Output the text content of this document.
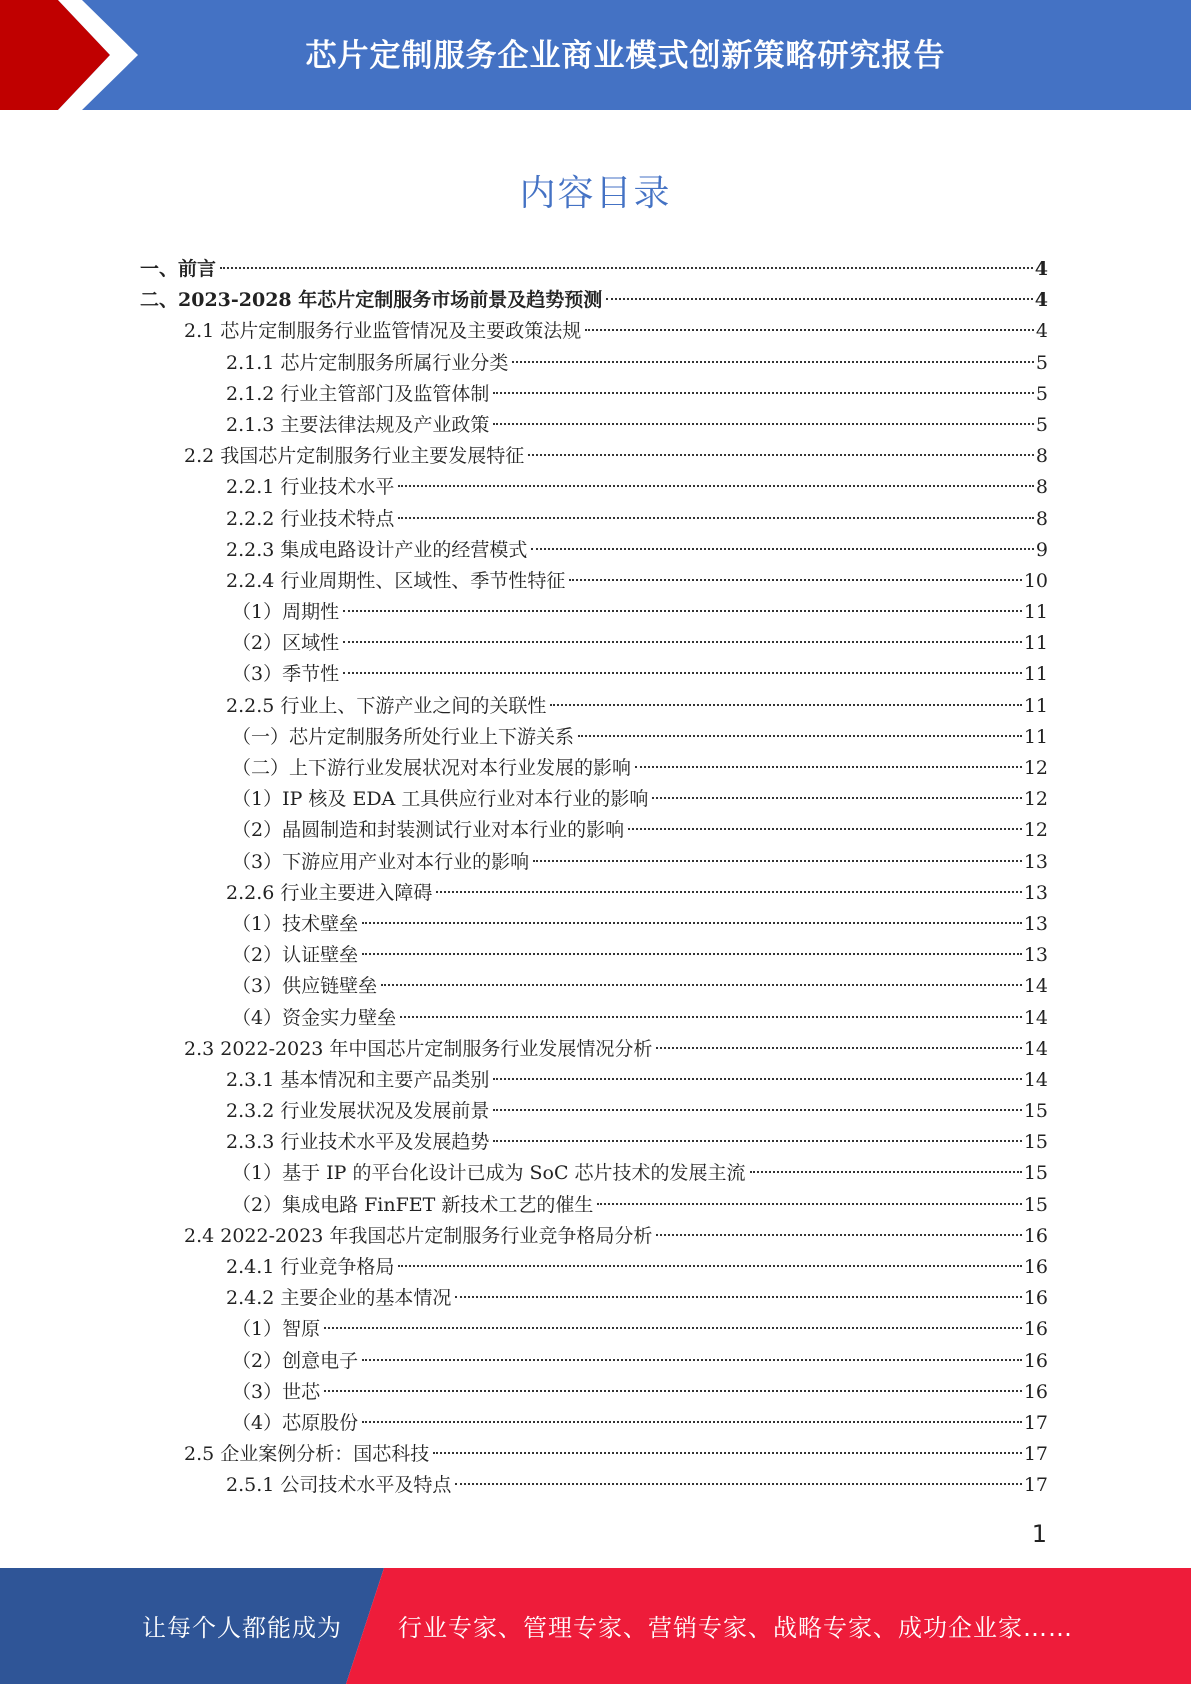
芯片定制服务企业商业模式创新策略研究报告
内容目录
一、前言	4
二、2023-2028 年芯片定制服务市场前景及趋势预测	4
2.1 芯片定制服务行业监管情况及主要政策法规	4
2.1.1 芯片定制服务所属行业分类	5
2.1.2 行业主管部门及监管体制	5
2.1.3 主要法律法规及产业政策	5
2.2 我国芯片定制服务行业主要发展特征	8
2.2.1 行业技术水平	8
2.2.2 行业技术特点	8
2.2.3 集成电路设计产业的经营模式	9
2.2.4 行业周期性、区域性、季节性特征	10
（1）周期性	11
（2）区域性	11
（3）季节性	11
2.2.5 行业上、下游产业之间的关联性	11
（一）芯片定制服务所处行业上下游关系	11
（二）上下游行业发展状况对本行业发展的影响	12
（1）IP 核及 EDA 工具供应行业对本行业的影响	12
（2）晶圆制造和封装测试行业对本行业的影响	12
（3）下游应用产业对本行业的影响	13
2.2.6 行业主要进入障碍	13
（1）技术壁垒	13
（2）认证壁垒	13
（3）供应链壁垒	14
（4）资金实力壁垒	14
2.3 2022-2023 年中国芯片定制服务行业发展情况分析	14
2.3.1 基本情况和主要产品类别	14
2.3.2 行业发展状况及发展前景	15
2.3.3 行业技术水平及发展趋势	15
（1）基于 IP 的平台化设计已成为 SoC 芯片技术的发展主流	15
（2）集成电路 FinFET 新技术工艺的催生	15
2.4 2022-2023 年我国芯片定制服务行业竞争格局分析	16
2.4.1 行业竞争格局	16
2.4.2 主要企业的基本情况	16
（1）智原	16
（2）创意电子	16
（3）世芯	16
（4）芯原股份	17
2.5 企业案例分析：国芯科技	17
2.5.1 公司技术水平及特点	17
1
让每个人都能成为 行业专家、管理专家、营销专家、战略专家、成功企业家……
